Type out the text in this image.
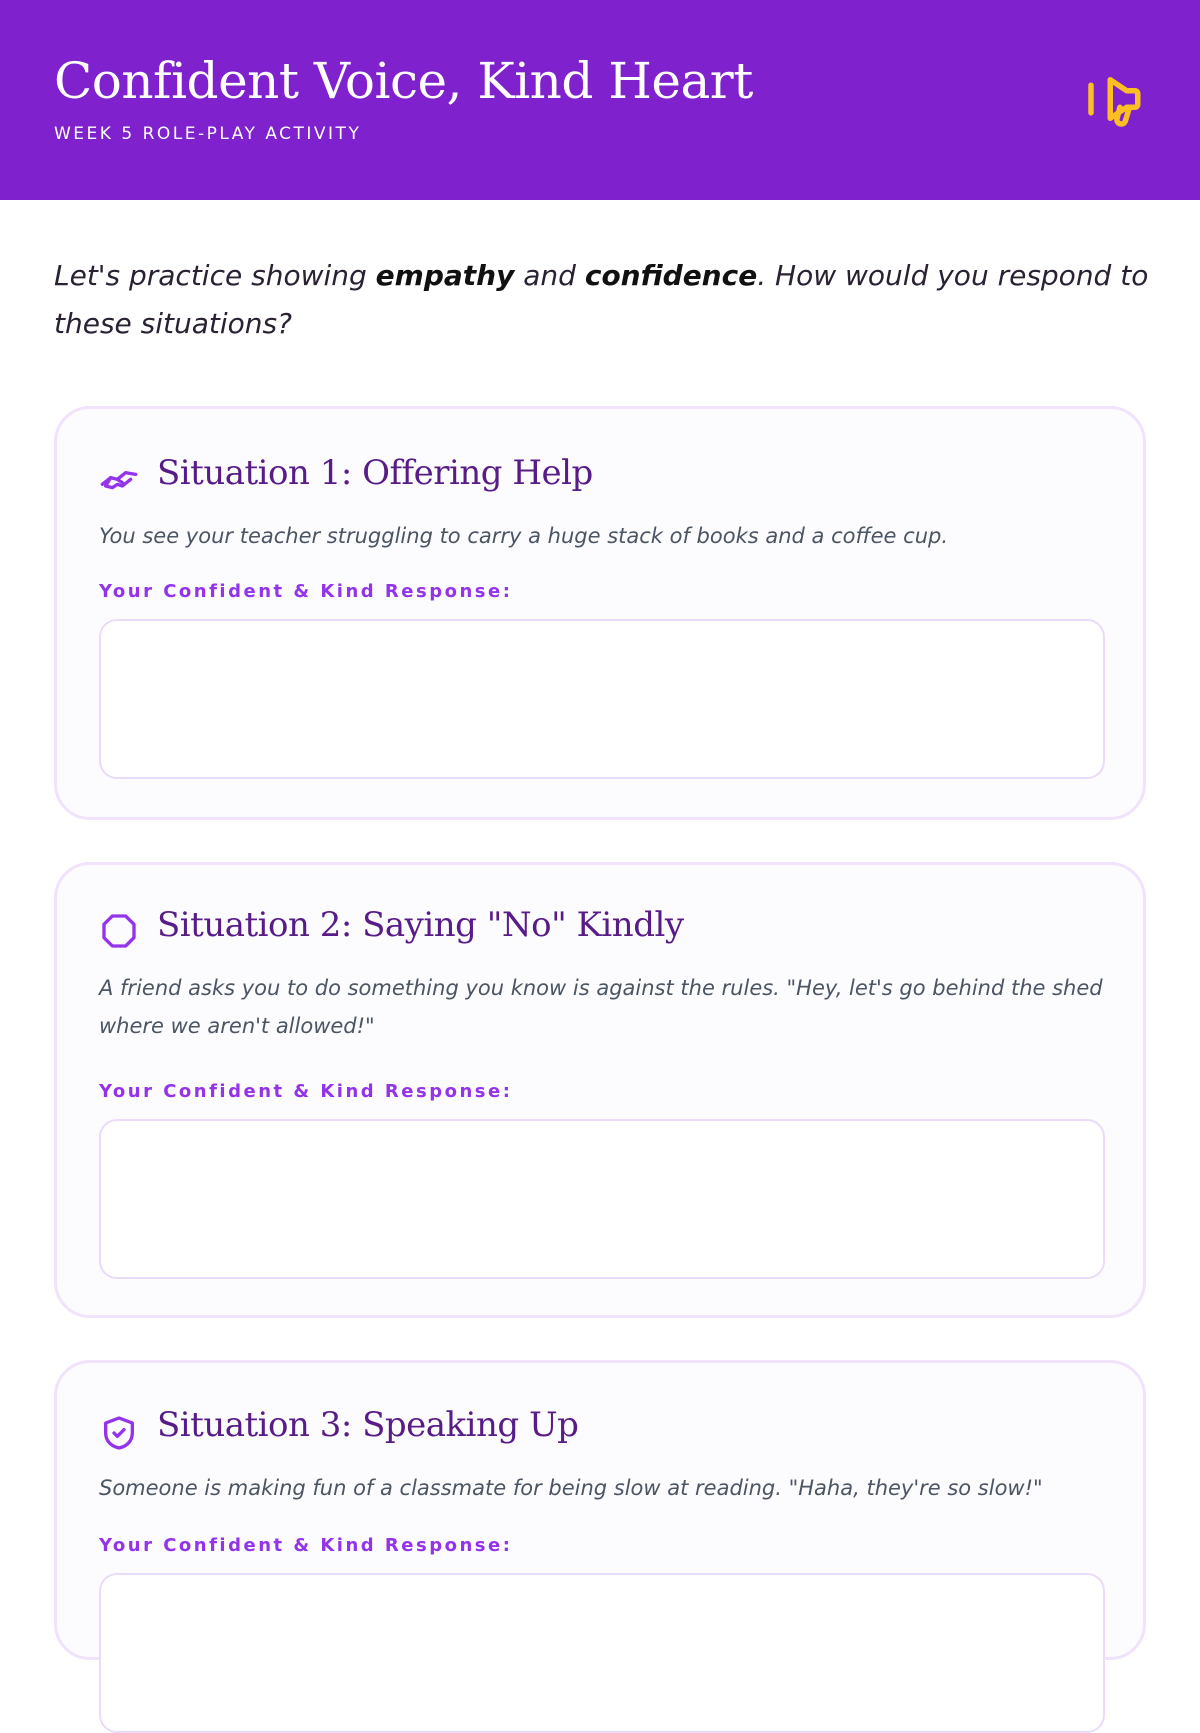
Confident Voice, Kind Heart
WEEK 5 ROLE-PLAY ACTIVITY

Let's practice showing empathy and confidence. How would you respond to these situations?

Situation 1: Offering Help
You see your teacher struggling to carry a huge stack of books and a coffee cup.
Your Confident & Kind Response:
Situation 2: Saying "No" Kindly
A friend asks you to do something you know is against the rules. "Hey, let's go behind the shed where we aren't allowed!"
Your Confident & Kind Response:
Situation 3: Speaking Up
Someone is making fun of a classmate for being slow at reading. "Haha, they're so slow!"
Your Confident & Kind Response:
